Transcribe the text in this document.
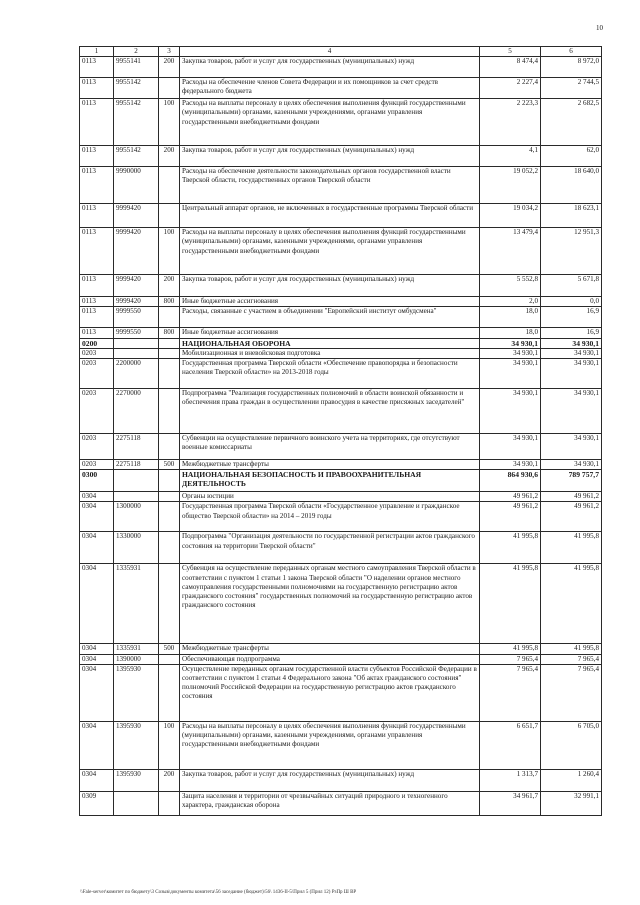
10
1	2	3	4	5	6
0113	9955141	200	Закупка товаров, работ и услуг для государственных (муниципальных) нужд	8 474,4	8 972,0
0113	9955142		Расходы на обеспечение членов Совета Федерации и их помощников за счет средств федерального бюджета	2 227,4	2 744,5
0113	9955142	100	Расходы на выплаты персоналу в целях обеспечения выполнения функций государственными (муниципальными) органами, казенными учреждениями, органами управления государственными внебюджетными фондами	2 223,3	2 682,5
0113	9955142	200	Закупка товаров, работ и услуг для государственных (муниципальных) нужд	4,1	62,0
0113	9990000		Расходы на обеспечение деятельности законодательных органов государственной власти Тверской области, государственных органов Тверской области	19 052,2	18 640,0
0113	9999420		Центральный аппарат органов, не включенных в государственные программы Тверской области	19 034,2	18 623,1
0113	9999420	100	Расходы на выплаты персоналу в целях обеспечения выполнения функций государственными (муниципальными) органами, казенными учреждениями, органами управления государственными внебюджетными фондами	13 479,4	12 951,3
0113	9999420	200	Закупка товаров, работ и услуг для государственных (муниципальных) нужд	5 552,8	5 671,8
0113	9999420	800	Иные бюджетные ассигнования	2,0	0,0
0113	9999550		Расходы, связанные с участием в объединении "Европейский институт омбудсмена"	18,0	16,9
0113	9999550	800	Иные бюджетные ассигнования	18,0	16,9
0200			НАЦИОНАЛЬНАЯ ОБОРОНА	34 930,1	34 930,1
0203			Мобилизационная и вневойсковая подготовка	34 930,1	34 930,1
0203	2200000		Государственная программа Тверской области «Обеспечение правопорядка и безопасности населения Тверской области» на 2013-2018 годы	34 930,1	34 930,1
0203	2270000		Подпрограмма "Реализация государственных полномочий в области воинской обязанности и обеспечения права граждан в осуществлении правосудия в качестве присяжных заседателей"	34 930,1	34 930,1
0203	2275118		Субвенции на осуществление первичного воинского учета на территориях, где отсутствуют военные комиссариаты	34 930,1	34 930,1
0203	2275118	500	Межбюджетные трансферты	34 930,1	34 930,1
0300			НАЦИОНАЛЬНАЯ БЕЗОПАСНОСТЬ И ПРАВООХРАНИТЕЛЬНАЯ ДЕЯТЕЛЬНОСТЬ	864 930,6	789 757,7
0304			Органы юстиции	49 961,2	49 961,2
0304	1300000		Государственная программа Тверской области «Государственное управление и гражданское общество Тверской области» на 2014 – 2019 годы	49 961,2	49 961,2
0304	1330000		Подпрограмма "Организация деятельности по государственной регистрации актов гражданского состояния на территории Тверской области"	41 995,8	41 995,8
0304	1335931		Субвенция на осуществление переданных органам местного самоуправления Тверской области в соответствии с пунктом 1 статьи 1 закона Тверской области "О наделении органов местного самоуправления государственными полномочиями на государственную регистрацию актов гражданского состояния" государственных полномочий на государственную регистрацию актов гражданского состояния	41 995,8	41 995,8
0304	1335931	500	Межбюджетные трансферты	41 995,8	41 995,8
0304	1390000		Обеспечивающая подпрограмма	7 965,4	7 965,4
0304	1395930		Осуществление переданных органам государственной власти субъектов Российской Федерации в соответствии с пунктом 1 статьи 4 Федерального закона "Об актах гражданского состояния" полномочий Российской Федерации на государственную регистрацию актов гражданского состояния	7 965,4	7 965,4
0304	1395930	100	Расходы на выплаты персоналу в целях обеспечения выполнения функций государственными (муниципальными) органами, казенными учреждениями, органами управления государственными внебюджетными фондами	6 651,7	6 705,0
0304	1395930	200	Закупка товаров, работ и услуг для государственных (муниципальных) нужд	1 313,7	1 260,4
0309			Защита населения и территории от чрезвычайных ситуаций природного и техногенного характера, гражданская оборона	34 961,7	32 991,1
\\Fale-server\комитет по бюджету\3 Созыв\документы комитета\56 заседание (бюджет)\56\ 1436-II-5\Прил 5 (Прил 12) РзПр Ш ВР
